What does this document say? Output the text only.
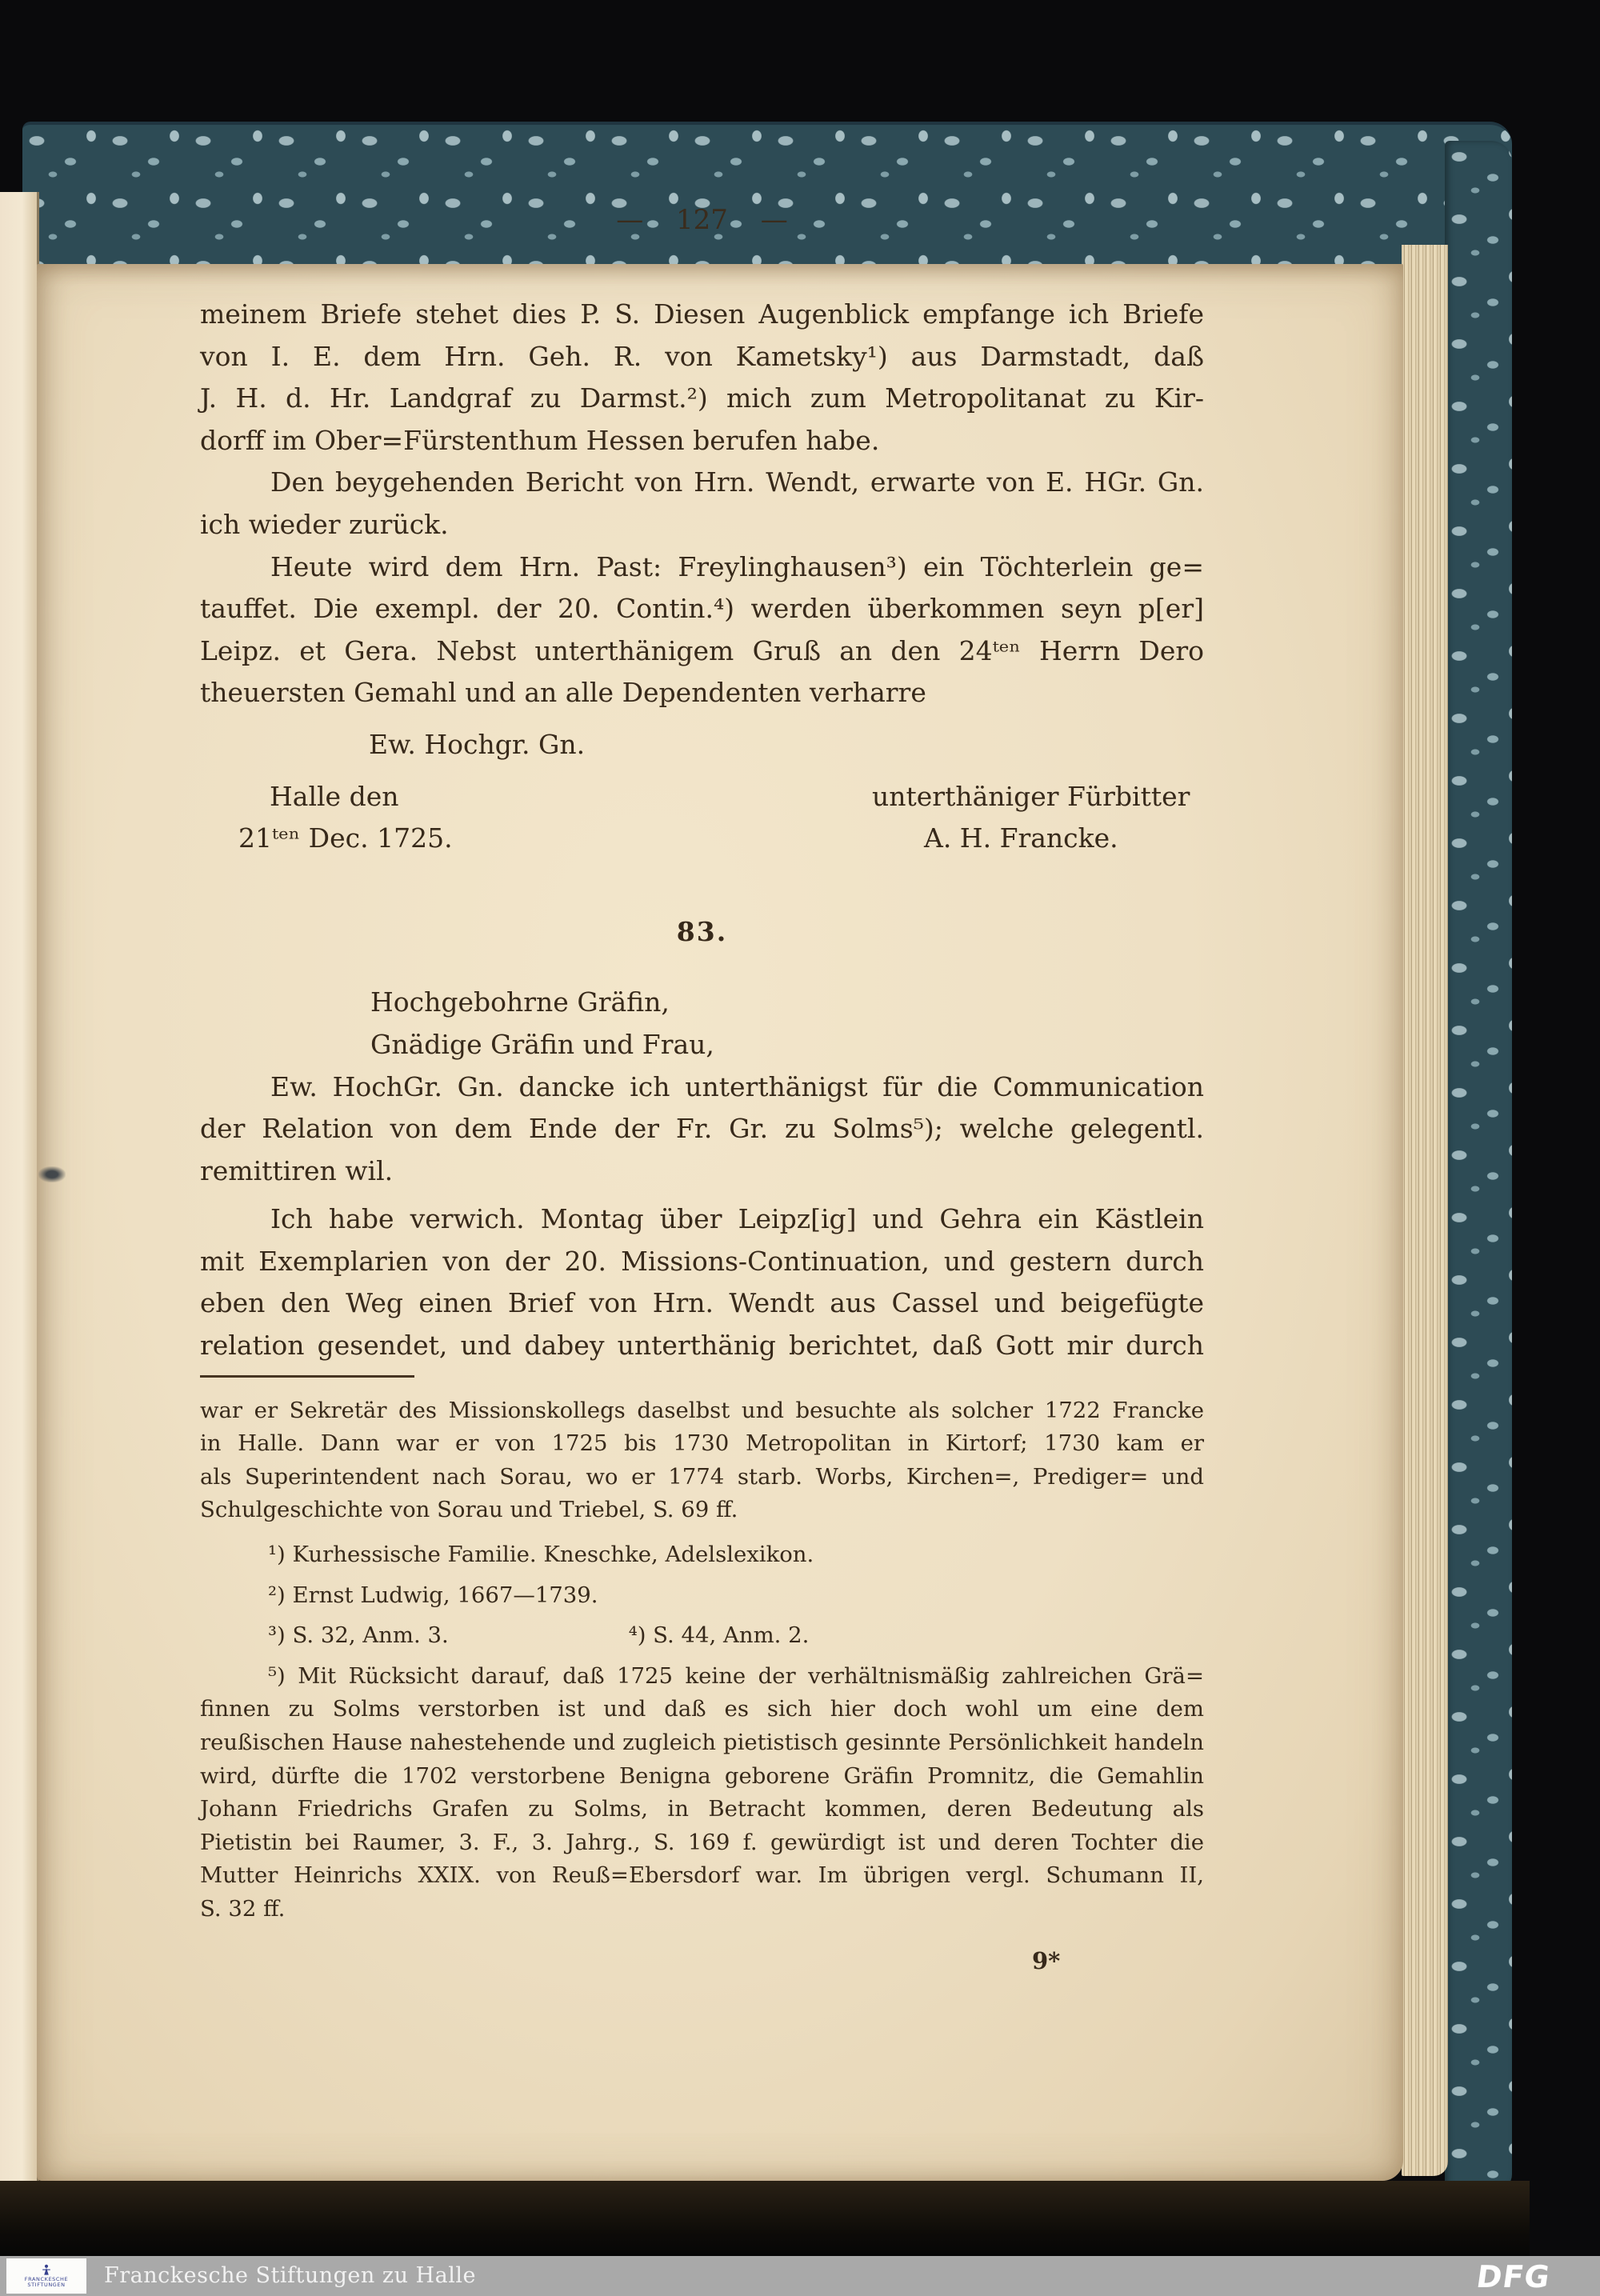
— 127 —
meinem Briefe stehet dies P. S. Diesen Augenblick empfange ich Briefe
von I. E. dem Hrn. Geh. R. von Kametsky¹) aus Darmstadt, daß
J. H. d. Hr. Landgraf zu Darmst.²) mich zum Metropolitanat zu Kir-
dorff im Ober=Fürstenthum Hessen berufen habe.
Den beygehenden Bericht von Hrn. Wendt, erwarte von E. HGr. Gn.
ich wieder zurück.
Heute wird dem Hrn. Past: Freylinghausen³) ein Töchterlein ge=
tauffet. Die exempl. der 20. Contin.⁴) werden überkommen seyn p[er]
Leipz. et Gera. Nebst unterthänigem Gruß an den 24ᵗᵉⁿ Herrn Dero
theuersten Gemahl und an alle Dependenten verharre
Ew. Hochgr. Gn.
Halle den	unterthäniger Fürbitter
21ᵗᵉⁿ Dec. 1725.	A. H. Francke.
83.
Hochgebohrne Gräfin,
Gnädige Gräfin und Frau,
Ew. HochGr. Gn. dancke ich unterthänigst für die Communication
der Relation von dem Ende der Fr. Gr. zu Solms⁵); welche gelegentl.
remittiren wil.
Ich habe verwich. Montag über Leipz[ig] und Gehra ein Kästlein
mit Exemplarien von der 20. Missions-Continuation, und gestern durch
eben den Weg einen Brief von Hrn. Wendt aus Cassel und beigefügte
relation gesendet, und dabey unterthänig berichtet, daß Gott mir durch
war er Sekretär des Missionskollegs daselbst und besuchte als solcher 1722 Francke
in Halle. Dann war er von 1725 bis 1730 Metropolitan in Kirtorf; 1730 kam er
als Superintendent nach Sorau, wo er 1774 starb. Worbs, Kirchen=, Prediger= und
Schulgeschichte von Sorau und Triebel, S. 69 ff.
¹) Kurhessische Familie. Kneschke, Adelslexikon.
²) Ernst Ludwig, 1667—1739.
³) S. 32, Anm. 3.	⁴) S. 44, Anm. 2.
⁵) Mit Rücksicht darauf, daß 1725 keine der verhältnismäßig zahlreichen Grä=
finnen zu Solms verstorben ist und daß es sich hier doch wohl um eine dem
reußischen Hause nahestehende und zugleich pietistisch gesinnte Persönlichkeit handeln
wird, dürfte die 1702 verstorbene Benigna geborene Gräfin Promnitz, die Gemahlin
Johann Friedrichs Grafen zu Solms, in Betracht kommen, deren Bedeutung als
Pietistin bei Raumer, 3. F., 3. Jahrg., S. 169 f. gewürdigt ist und deren Tochter die
Mutter Heinrichs XXIX. von Reuß=Ebersdorf war. Im übrigen vergl. Schumann II,
S. 32 ff.
9*
FRANCKESCHE
STIFTUNGEN Franckesche Stiftungen zu Halle	DFG
